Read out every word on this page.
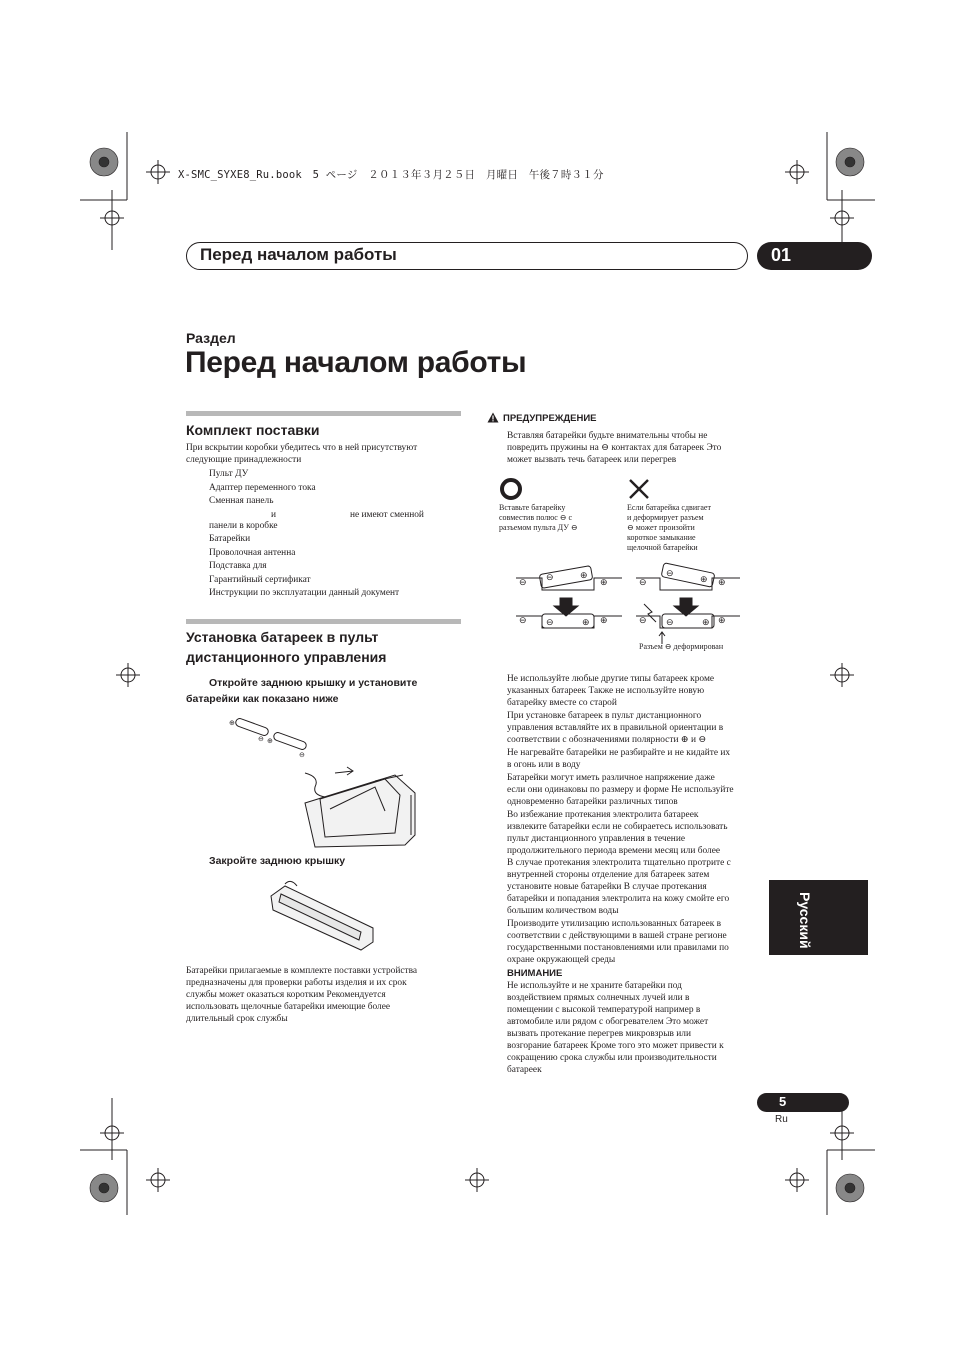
X-SMC_SYXE8_Ru.book　5 ページ　２０１３年３月２５日　月曜日　午後７時３１分
Перед началом работы	01
Раздел
Перед началом работы
Комплект поставки
При вскрытии коробки убедитесь что в ней присутствуют
следующие принадлежности
Пульт ДУ
Адаптер переменного тока
Сменная панель
и	не имеют сменной
панели в коробке
Батарейки
Проволочная антенна
Подставка для
Гарантийный сертификат
Инструкции по эксплуатации данный документ
Установка батареек в пульт
дистанционного управления
Откройте заднюю крышку и установите
батарейки как показано ниже
⊕
⊖ ⊕
⊖
Закройте заднюю крышку
Батарейки прилагаемые в комплекте поставки устройства
предназначены для проверки работы изделия и их срок
службы может оказаться коротким Рекомендуется
использовать щелочные батарейки имеющие более
длительный срок службы
ПРЕДУПРЕЖДЕНИЕ
Вставляя батарейки будьте внимательны чтобы не
повредить пружины на ⊖ контактах для батареек Это
может вызвать течь батареек или перегрев
Вставьте батарейку
совместив полюс ⊖ с
разъемом пульта ДУ ⊖
Если батарейка сдвигает
и деформирует разъем
⊖ может произойти
короткое замыкание
щелочной батарейки
⊖	⊕
⊖	⊕
⊖	⊕
⊖	⊕
⊖	⊕
⊖
⊕
⊖	⊕
⊖	⊕
Разъем ⊖ деформирован
Не используйте любые другие типы батареек кроме
указанных батареек Также не используйте новую
батарейку вместе со старой
При установке батареек в пульт дистанционного
управления вставляйте их в правильной ориентации в
соответствии с обозначениями полярности ⊕ и ⊖
Не нагревайте батарейки не разбирайте и не кидайте их
в огонь или в воду
Батарейки могут иметь различное напряжение даже
если они одинаковы по размеру и форме Не используйте
одновременно батарейки различных типов
Во избежание протекания электролита батареек
извлеките батарейки если не собираетесь использовать
пульт дистанционного управления в течение
продолжительного периода времени месяц или более
В случае протекания электролита тщательно протрите с
внутренней стороны отделение для батареек затем
установите новые батарейки В случае протекания
батарейки и попадания электролита на кожу смойте его
большим количеством воды
Производите утилизацию использованных батареек в
соответствии с действующими в вашей стране регионе
государственными постановлениями или правилами по
охране окружающей среды
ВНИМАНИЕ
Не используйте и не храните батарейки под
воздействием прямых солнечных лучей или в
помещении с высокой температурой например в
автомобиле или рядом с обогревателем Это может
вызвать протекание перегрев микровзрыв или
возгорание батареек Кроме того это может привести к
сокращению срока службы или производительности
батареек
Русский
5
Ru
